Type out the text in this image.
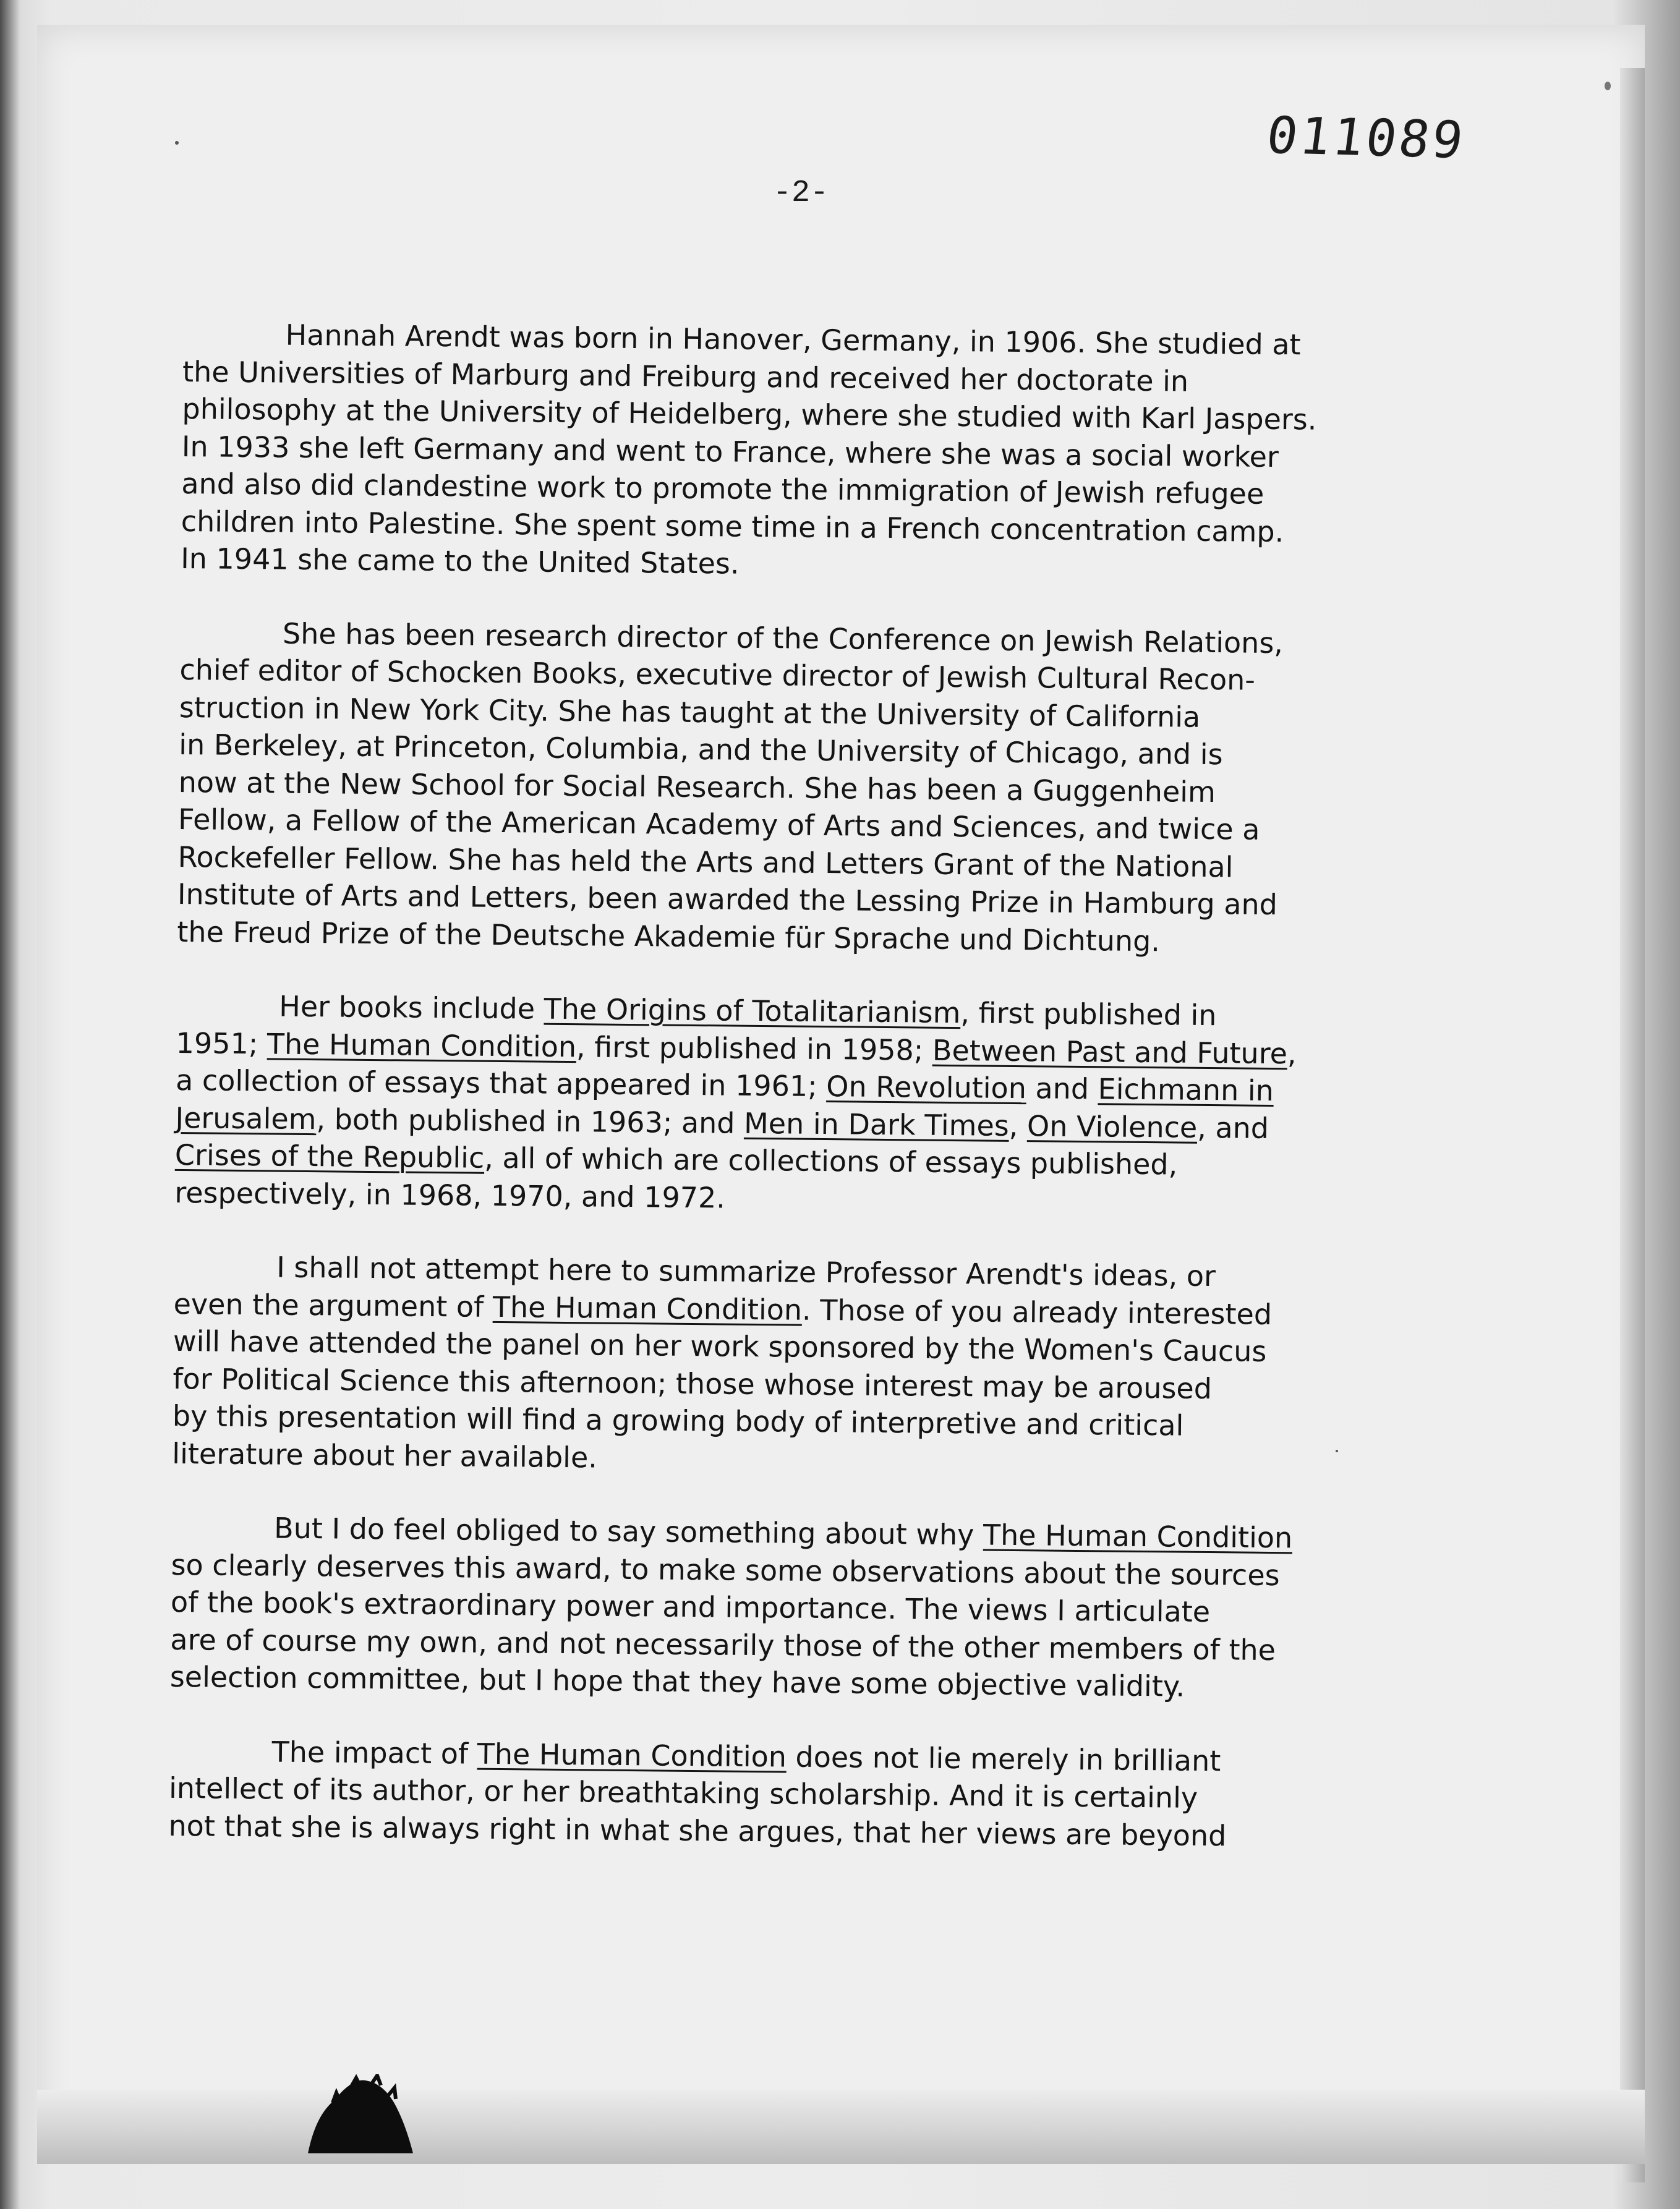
011089
-2-
Hannah Arendt was born in Hanover, Germany, in 1906. She studied at
the Universities of Marburg and Freiburg and received her doctorate in
philosophy at the University of Heidelberg, where she studied with Karl Jaspers.
In 1933 she left Germany and went to France, where she was a social worker
and also did clandestine work to promote the immigration of Jewish refugee
children into Palestine. She spent some time in a French concentration camp.
In 1941 she came to the United States.
She has been research director of the Conference on Jewish Relations,
chief editor of Schocken Books, executive director of Jewish Cultural Recon-
struction in New York City. She has taught at the University of California
in Berkeley, at Princeton, Columbia, and the University of Chicago, and is
now at the New School for Social Research. She has been a Guggenheim
Fellow, a Fellow of the American Academy of Arts and Sciences, and twice a
Rockefeller Fellow. She has held the Arts and Letters Grant of the National
Institute of Arts and Letters, been awarded the Lessing Prize in Hamburg and
the Freud Prize of the Deutsche Akademie für Sprache und Dichtung.
Her books include The Origins of Totalitarianism, first published in
1951; The Human Condition, first published in 1958; Between Past and Future,
a collection of essays that appeared in 1961; On Revolution and Eichmann in
Jerusalem, both published in 1963; and Men in Dark Times, On Violence, and
Crises of the Republic, all of which are collections of essays published,
respectively, in 1968, 1970, and 1972.
I shall not attempt here to summarize Professor Arendt's ideas, or
even the argument of The Human Condition. Those of you already interested
will have attended the panel on her work sponsored by the Women's Caucus
for Political Science this afternoon; those whose interest may be aroused
by this presentation will find a growing body of interpretive and critical
literature about her available.
But I do feel obliged to say something about why The Human Condition
so clearly deserves this award, to make some observations about the sources
of the book's extraordinary power and importance. The views I articulate
are of course my own, and not necessarily those of the other members of the
selection committee, but I hope that they have some objective validity.
The impact of The Human Condition does not lie merely in brilliant
intellect of its author, or her breathtaking scholarship. And it is certainly
not that she is always right in what she argues, that her views are beyond
